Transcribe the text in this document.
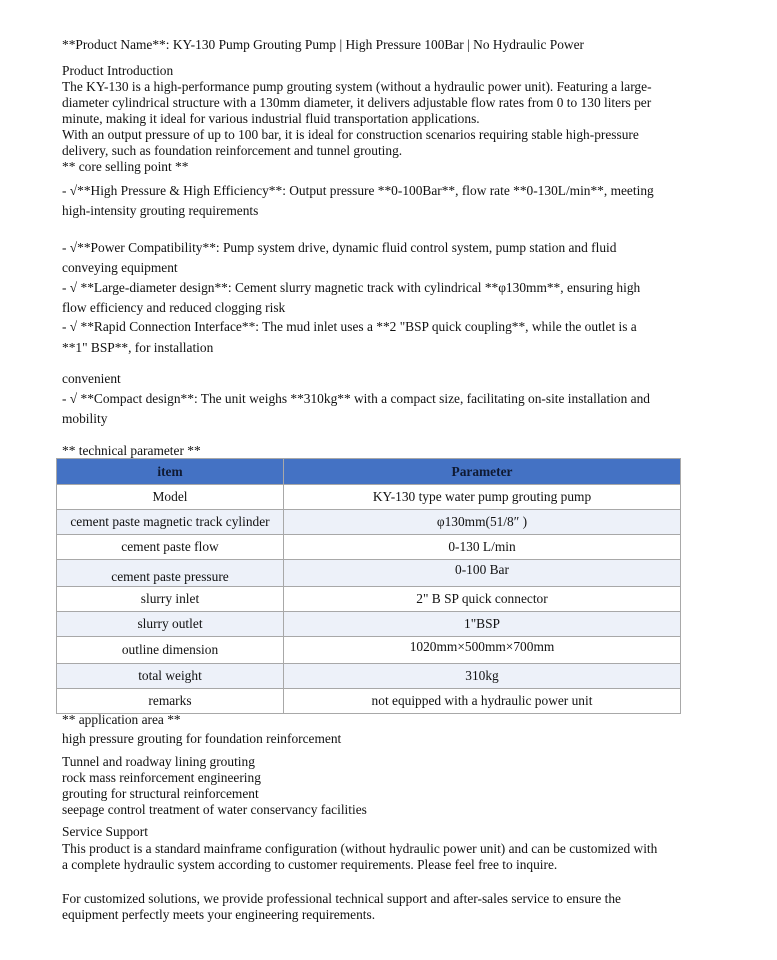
**Product Name**: KY-130 Pump Grouting Pump | High Pressure 100Bar | No Hydraulic Power
Product Introduction
The KY-130 is a high-performance pump grouting system (without a hydraulic power unit). Featuring a large-
diameter cylindrical structure with a 130mm diameter, it delivers adjustable flow rates from 0 to 130 liters per
minute, making it ideal for various industrial fluid transportation applications.
With an output pressure of up to 100 bar, it is ideal for construction scenarios requiring stable high-pressure
delivery, such as foundation reinforcement and tunnel grouting.
** core selling point **
- √**High Pressure & High Efficiency**: Output pressure **0-100Bar**, flow rate **0-130L/min**, meeting
high-intensity grouting requirements
- √**Power Compatibility**: Pump system drive, dynamic fluid control system, pump station and fluid
conveying equipment
- √ **Large-diameter design**: Cement slurry magnetic track with cylindrical **φ130mm**, ensuring high
flow efficiency and reduced clogging risk
- √ **Rapid Connection Interface**: The mud inlet uses a **2 "BSP quick coupling**, while the outlet is a
**1" BSP**, for installation
convenient
- √ **Compact design**: The unit weighs **310kg** with a compact size, facilitating on-site installation and
mobility
** technical parameter **
item	Parameter
Model	KY-130 type water pump grouting pump
cement paste magnetic track cylinder	φ130mm(51/8″ )
cement paste flow	0-130 L/min
cement paste pressure	0-100 Bar
slurry inlet	2" B SP quick connector
slurry outlet	1"BSP
outline dimension	1020mm×500mm×700mm
total weight	310kg
remarks	not equipped with a hydraulic power unit
** application area **
high pressure grouting for foundation reinforcement
Tunnel and roadway lining grouting
rock mass reinforcement engineering
grouting for structural reinforcement
seepage control treatment of water conservancy facilities
Service Support
This product is a standard mainframe configuration (without hydraulic power unit) and can be customized with
a complete hydraulic system according to customer requirements. Please feel free to inquire.
For customized solutions, we provide professional technical support and after-sales service to ensure the
equipment perfectly meets your engineering requirements.
